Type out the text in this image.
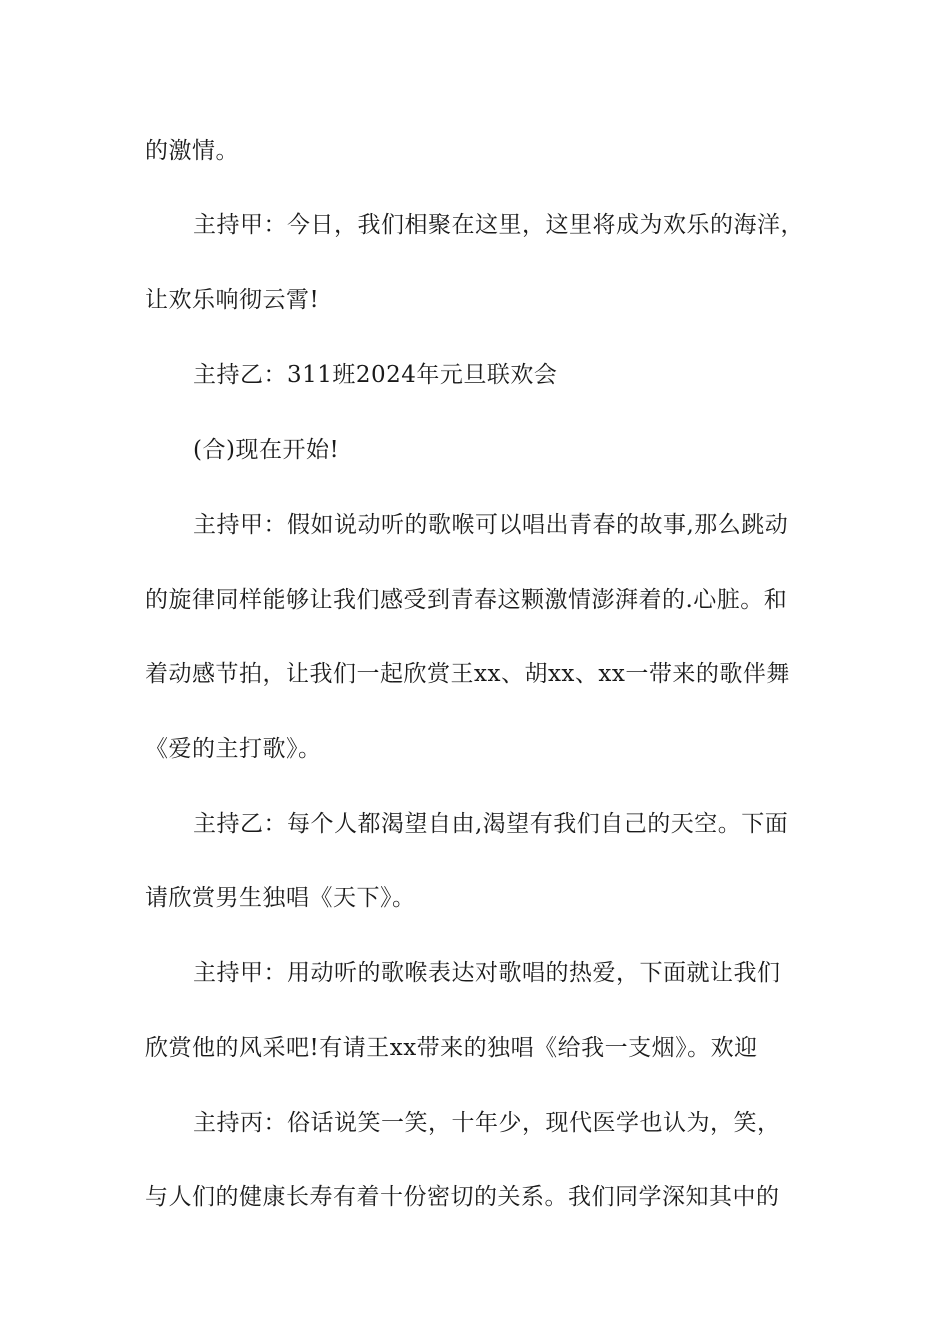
的激情。
主持甲：今日，我们相聚在这里，这里将成为欢乐的海洋，
让欢乐响彻云霄!
主持乙：311班2024年元旦联欢会
(合)现在开始!
主持甲：假如说动听的歌喉可以唱出青春的故事,那么跳动
的旋律同样能够让我们感受到青春这颗激情澎湃着的.心脏。和
着动感节拍，让我们一起欣赏王xx、胡xx、xx一带来的歌伴舞
《爱的主打歌》。
主持乙：每个人都渴望自由,渴望有我们自己的天空。下面
请欣赏男生独唱《天下》。
主持甲：用动听的歌喉表达对歌唱的热爱，下面就让我们
欣赏他的风采吧!有请王xx带来的独唱《给我一支烟》。欢迎
主持丙：俗话说笑一笑，十年少，现代医学也认为，笑，
与人们的健康长寿有着十份密切的关系。我们同学深知其中的
